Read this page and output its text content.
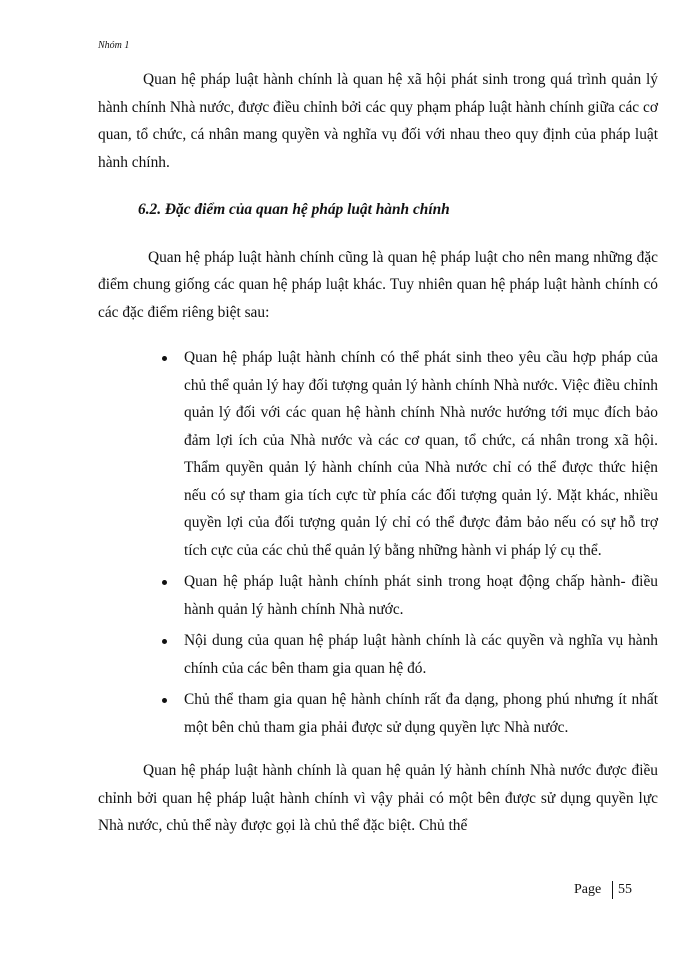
Nhóm 1

Quan hệ pháp luật hành chính là quan hệ xã hội phát sinh trong quá trình quản lý hành chính Nhà nước, được điều chỉnh bởi các quy phạm pháp luật hành chính giữa các cơ quan, tổ chức, cá nhân mang quyền và nghĩa vụ đối với nhau theo quy định của pháp luật hành chính.

6.2. Đặc điểm của quan hệ pháp luật hành chính

Quan hệ pháp luật hành chính cũng là quan hệ pháp luật cho nên mang những đặc điểm chung giống các quan hệ pháp luật khác. Tuy nhiên quan hệ pháp luật hành chính có các đặc điểm riêng biệt sau:

Quan hệ pháp luật hành chính có thể phát sinh theo yêu cầu hợp pháp của chủ thể quản lý hay đối tượng quản lý hành chính Nhà nước. Việc điều chỉnh quản lý đối với các quan hệ hành chính Nhà nước hướng tới mục đích bảo đảm lợi ích của Nhà nước và các cơ quan, tổ chức, cá nhân trong xã hội. Thẩm quyền quản lý hành chính của Nhà nước chỉ có thể được thức hiện nếu có sự tham gia tích cực từ phía các đối tượng quản lý. Mặt khác, nhiều quyền lợi của đối tượng quản lý chỉ có thể được đảm bảo nếu có sự hỗ trợ tích cực của các chủ thể quản lý bằng những hành vi pháp lý cụ thể.
Quan hệ pháp luật hành chính phát sinh trong hoạt động chấp hành- điều hành quản lý hành chính Nhà nước.
Nội dung của quan hệ pháp luật hành chính là các quyền và nghĩa vụ hành chính của các bên tham gia quan hệ đó.
Chủ thể tham gia quan hệ hành chính rất đa dạng, phong phú nhưng ít nhất một bên chủ tham gia phải được sử dụng quyền lực Nhà nước.

Quan hệ pháp luật hành chính là quan hệ quản lý hành chính Nhà nước được điều chỉnh bởi quan hệ pháp luật hành chính vì vậy phải có một bên được sử dụng quyền lực Nhà nước, chủ thể này được gọi là chủ thể đặc biệt. Chủ thể

Page 55
